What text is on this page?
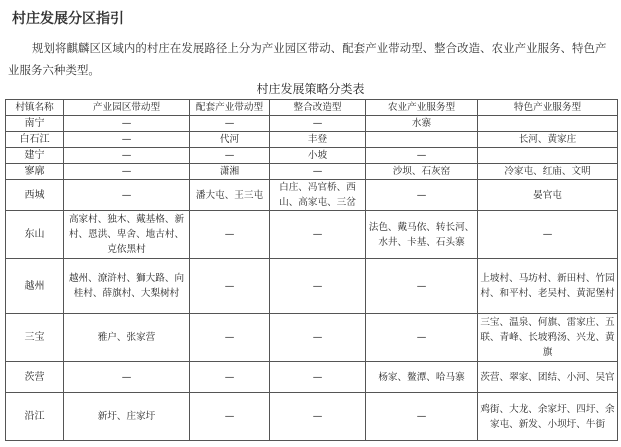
村庄发展分区指引
规划将麒麟区区域内的村庄在发展路径上分为产业园区带动、配套产业带动型、整合改造、农业产业服务、特色产业服务六种类型。
村庄发展策略分类表
村镇名称	产业园区带动型	配套产业带动型	整合改造型	农业产业服务型	特色产业服务型
南宁	—	—	—	水寨	
白石江	—	代河	丰登		长河、黄家庄
建宁	—	—	小坡	—	
寥廓	—	潇湘	—	沙坝、石灰窑	冷家屯、红庙、文明
西城	—	潘大屯、王三屯	白庄、冯官桥、西山、高家屯、三岔	—	晏官屯
东山	高家村、独木、戴基格、新村、恩洪、卑舍、地古村、克依黑村	—	—	法色、戴马依、转长河、水井、卡基、石头寨	—
越州	越州、潦浒村、獅大路、向桂村、薛旗村、大梨树村	—	—	—	上坡村、马坊村、新田村、竹园村、和平村、老吴村、黄泥堡村
三宝	雅户、张家营	—	—	—	三宝、温泉、何旗、雷家庄、五联、青峰、长坡鸦汤、兴龙、黄旗
茨营	—	—	—	杨家、鳌潭、哈马寨	茨营、翠家、团结、小河、吴官
沿江	新圩、庄家圩	—	—	—	鸡街、大龙、余家圩、四圩、余家屯、新发、小坝圩、牛街
